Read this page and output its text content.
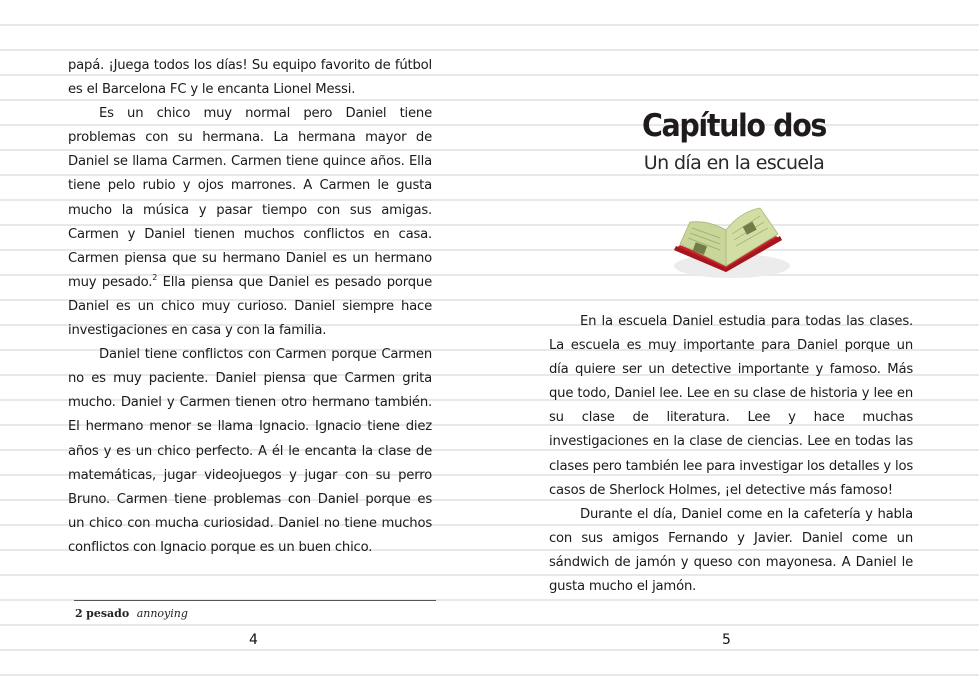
papá. ¡Juega todos los días! Su equipo favorito de fútbol es el Barcelona FC y le encanta Lionel Messi.

Es un chico muy normal pero Daniel tiene problemas con su hermana. La hermana mayor de Daniel se llama Carmen. Carmen tiene quince años. Ella tiene pelo rubio y ojos marrones. A Carmen le gusta mucho la música y pasar tiempo con sus amigas. Carmen y Daniel tienen muchos conflictos en casa. Carmen piensa que su hermano Daniel es un hermano muy pesado.$^2$ Ella piensa que Daniel es pesado porque Daniel es un chico muy curioso. Daniel siempre hace investigaciones en casa y con la familia.

Daniel tiene conflictos con Carmen porque Carmen no es muy paciente. Daniel piensa que Carmen grita mucho. Daniel y Carmen tienen otro hermano también. El hermano menor se llama Ignacio. Ignacio tiene diez años y es un chico perfecto. A él le encanta la clase de matemáticas, jugar videojuegos y jugar con su perro Bruno. Carmen tiene problemas con Daniel porque es un chico con mucha curiosidad. Daniel no tiene muchos conflictos con Ignacio porque es un buen chico.

2 pesado annoying
4
Capítulo dos
Un día en la escuela

En la escuela Daniel estudia para todas las clases. La escuela es muy importante para Daniel porque un día quiere ser un detective importante y famoso. Más que todo, Daniel lee. Lee en su clase de historia y lee en su clase de literatura. Lee y hace muchas investigaciones en la clase de ciencias. Lee en todas las clases pero también lee para investigar los detalles y los casos de Sherlock Holmes, ¡el detective más famoso!

Durante el día, Daniel come en la cafetería y habla con sus amigos Fernando y Javier. Daniel come un sándwich de jamón y queso con mayonesa. A Daniel le gusta mucho el jamón.

5
